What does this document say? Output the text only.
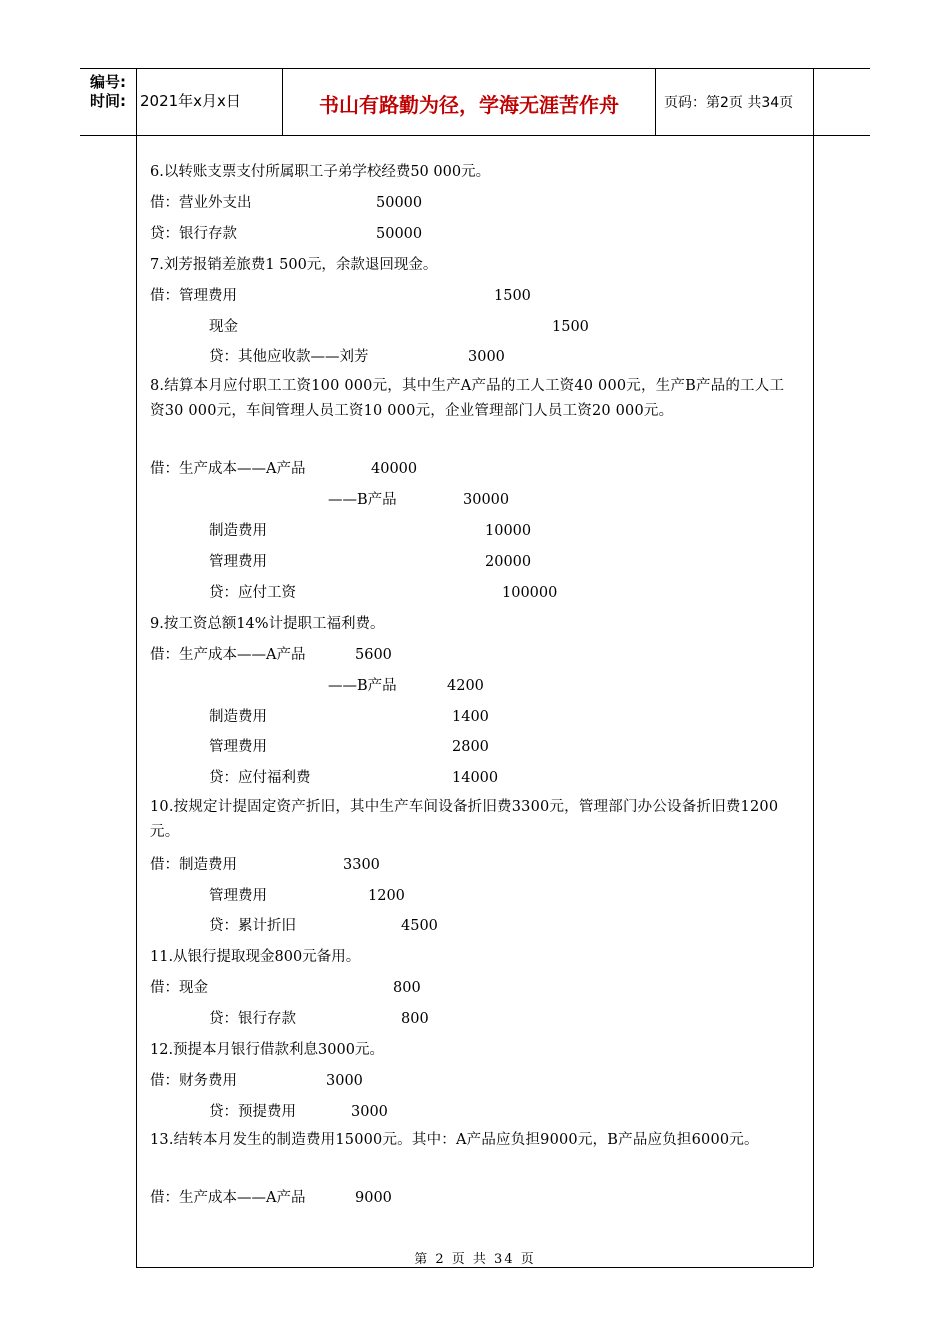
编号:
时间: 2021年x月x日	书山有路勤为径，学海无涯苦作舟	页码：第2页 共34页
6.以转账支票支付所属职工子弟学校经费50 000元。
借：营业外支出	50000
贷：银行存款	50000
7.刘芳报销差旅费1 500元，余款退回现金。
借：管理费用	1500
现金	1500
贷：其他应收款——刘芳	3000
8.结算本月应付职工工资100 000元，其中生产A产品的工人工资40 000元，生产B产品的工人工资30 000元，车间管理人员工资10 000元，企业管理部门人员工资20 000元。
借：生产成本——A产品	40000
——B产品	30000
制造费用	10000
管理费用	20000
贷：应付工资	100000
9.按工资总额14%计提职工福利费。
借：生产成本——A产品	5600
——B产品	4200
制造费用	1400
管理费用	2800
贷：应付福利费	14000
10.按规定计提固定资产折旧，其中生产车间设备折旧费3300元，管理部门办公设备折旧费1200元。
借：制造费用	3300
管理费用	1200
贷：累计折旧	4500
11.从银行提取现金800元备用。
借：现金	800
贷：银行存款	800
12.预提本月银行借款利息3000元。
借：财务费用	3000
贷：预提费用	3000
13.结转本月发生的制造费用15000元。其中：A产品应负担9000元，B产品应负担6000元。
借：生产成本——A产品	9000
第 2 页 共 34 页
